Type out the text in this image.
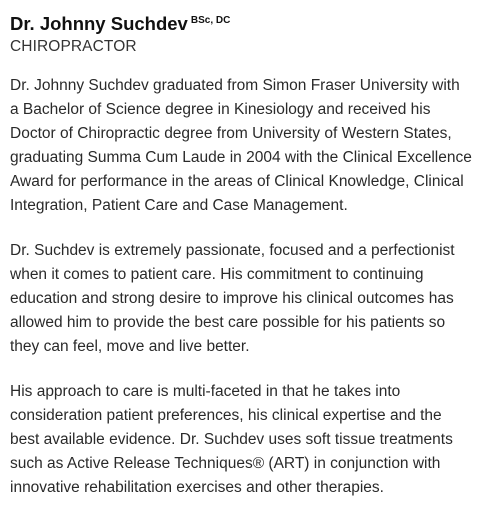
Dr. Johnny Suchdev $^{BSc, DC}$
CHIROPRACTOR

Dr. Johnny Suchdev graduated from Simon Fraser University with a Bachelor of Science degree in Kinesiology and received his Doctor of Chiropractic degree from University of Western States, graduating Summa Cum Laude in 2004 with the Clinical Excellence Award for performance in the areas of Clinical Knowledge, Clinical Integration, Patient Care and Case Management.

Dr. Suchdev is extremely passionate, focused and a perfectionist when it comes to patient care. His commitment to continuing education and strong desire to improve his clinical outcomes has allowed him to provide the best care possible for his patients so they can feel, move and live better.

His approach to care is multi-faceted in that he takes into consideration patient preferences, his clinical expertise and the best available evidence. Dr. Suchdev uses soft tissue treatments such as Active Release Techniques® (ART) in conjunction with innovative rehabilitation exercises and other therapies.
